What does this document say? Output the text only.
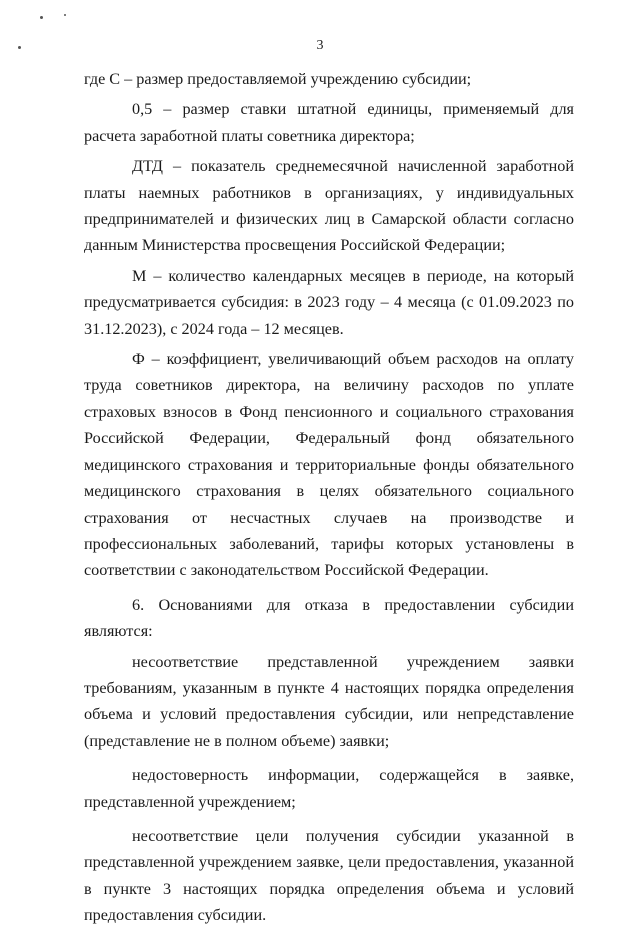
3

где С – размер предоставляемой учреждению субсидии;

0,5 – размер ставки штатной единицы, применяемый для расчета заработной платы советника директора;

ДТД – показатель среднемесячной начисленной заработной платы наемных работников в организациях, у индивидуальных предпринимателей и физических лиц в Самарской области согласно данным Министерства просвещения Российской Федерации;

М – количество календарных месяцев в периоде, на который предусматривается субсидия: в 2023 году – 4 месяца (с 01.09.2023 по 31.12.2023), с 2024 года – 12 месяцев.

Ф – коэффициент, увеличивающий объем расходов на оплату труда советников директора, на величину расходов по уплате страховых взносов в Фонд пенсионного и социального страхования Российской Федерации, Федеральный фонд обязательного медицинского страхования и территориальные фонды обязательного медицинского страхования в целях обязательного социального страхования от несчастных случаев на производстве и профессиональных заболеваний, тарифы которых установлены в соответствии с законодательством Российской Федерации.

6. Основаниями для отказа в предоставлении субсидии являются:

несоответствие представленной учреждением заявки требованиям, указанным в пункте 4 настоящих порядка определения объема и условий предоставления субсидии, или непредставление (представление не в полном объеме) заявки;

недостоверность информации, содержащейся в заявке, представленной учреждением;

несоответствие цели получения субсидии указанной в представленной учреждением заявке, цели предоставления, указанной в пункте 3 настоящих порядка определения объема и условий предоставления субсидии.
